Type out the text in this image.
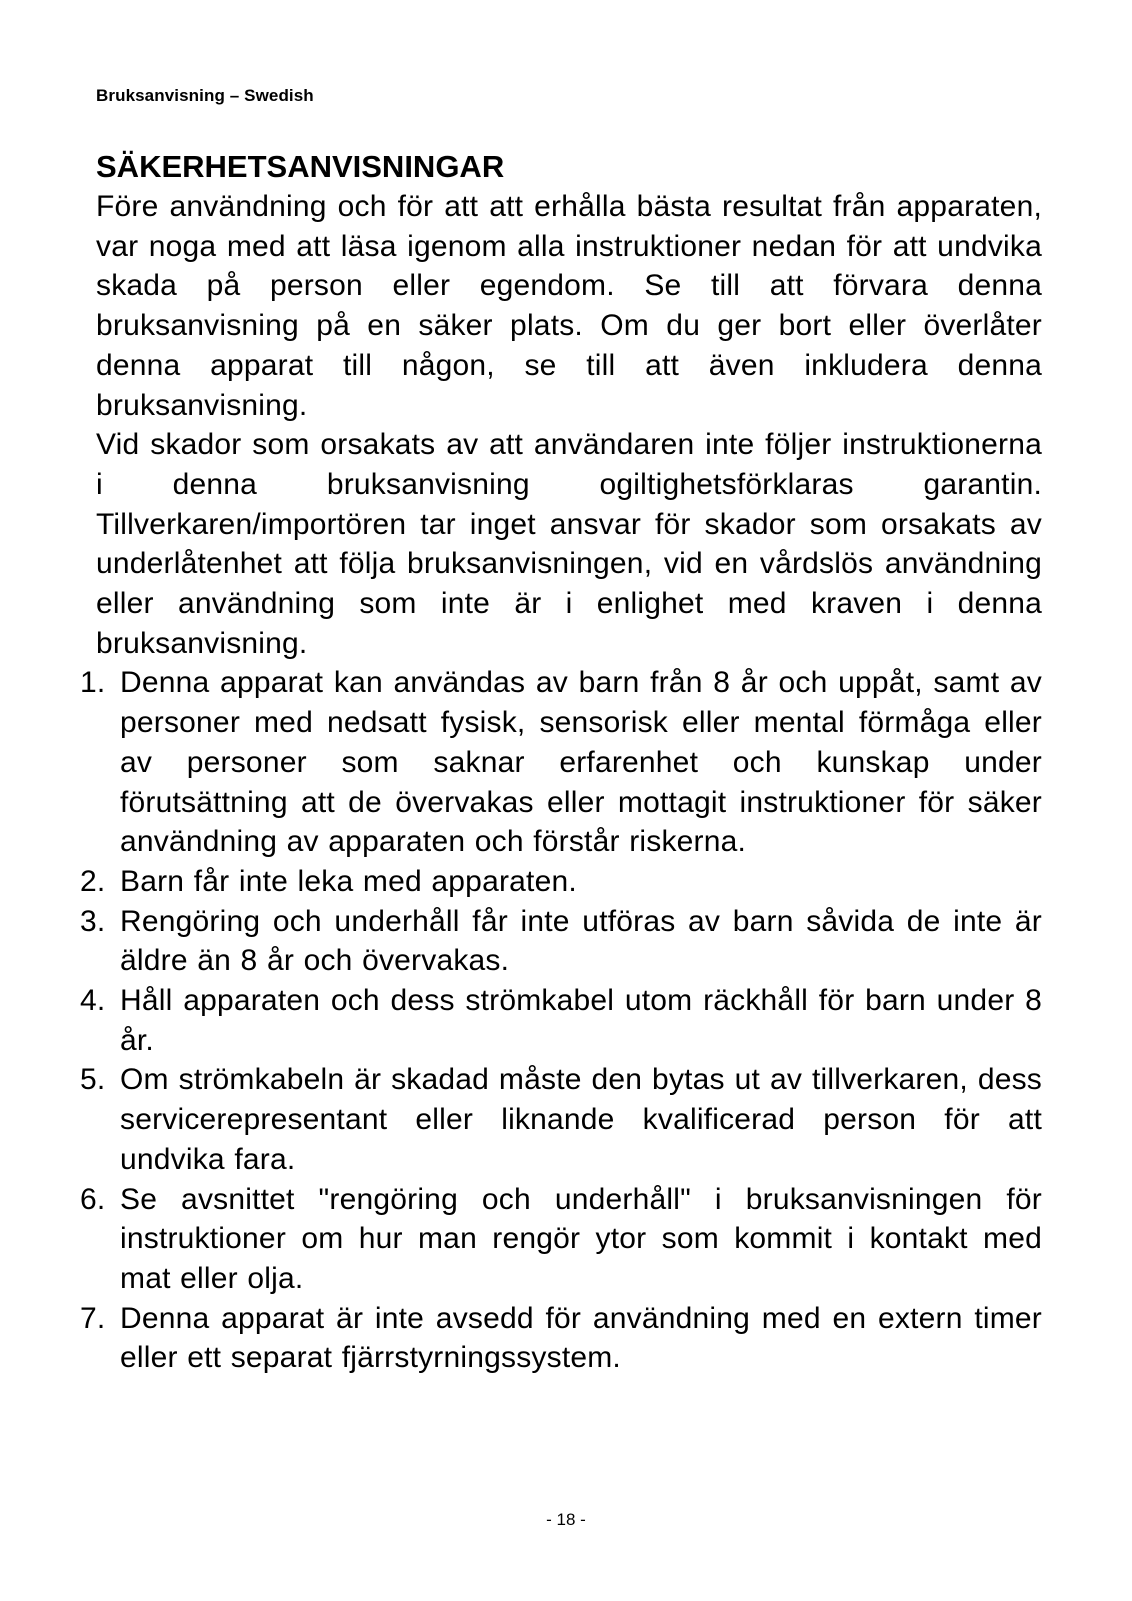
Bruksanvisning – Swedish
SÄKERHETSANVISNINGAR

Före användning och för att att erhålla bästa resultat från apparaten, var noga med att läsa igenom alla instruktioner nedan för att undvika skada på person eller egendom. Se till att förvara denna bruksanvisning på en säker plats. Om du ger bort eller överlåter denna apparat till någon, se till att även inkludera denna bruksanvisning.

Vid skador som orsakats av att användaren inte följer instruktionerna i denna bruksanvisning ogiltighetsförklaras garantin. Tillverkaren/importören tar inget ansvar för skador som orsakats av underlåtenhet att följa bruksanvisningen, vid en vårdslös användning eller användning som inte är i enlighet med kraven i denna bruksanvisning.

1. Denna apparat kan användas av barn från 8 år och uppåt, samt av personer med nedsatt fysisk, sensorisk eller mental förmåga eller av personer som saknar erfarenhet och kunskap under förutsättning att de övervakas eller mottagit instruktioner för säker användning av apparaten och förstår riskerna.
2. Barn får inte leka med apparaten.
3. Rengöring och underhåll får inte utföras av barn såvida de inte är äldre än 8 år och övervakas.
4. Håll apparaten och dess strömkabel utom räckhåll för barn under 8 år.
5. Om strömkabeln är skadad måste den bytas ut av tillverkaren, dess servicerepresentant eller liknande kvalificerad person för att undvika fara.
6. Se avsnittet "rengöring och underhåll" i bruksanvisningen för instruktioner om hur man rengör ytor som kommit i kontakt med mat eller olja.
7. Denna apparat är inte avsedd för användning med en extern timer eller ett separat fjärrstyrningssystem.
- 18 -
